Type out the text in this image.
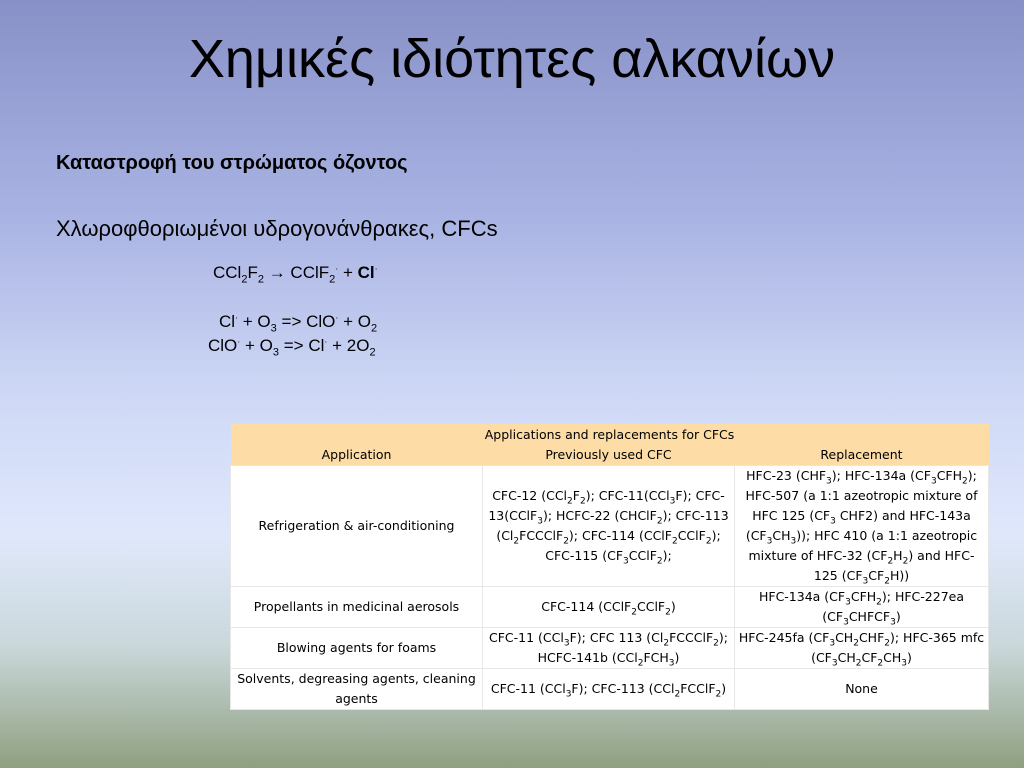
Χημικές ιδιότητες αλκανίων
Καταστροφή του στρώματος όζοντος
Χλωροφθοριωμένοι υδρογονάνθρακες, CFCs
$CCl_2F_2$ → CClF$_2$· + Cl·
$Cl^\cdot + O_3 => ClO^\cdot + O_2$
$ClO^\cdot + O_3 => Cl^\cdot + 2O_2$
Applications and replacements for CFCs		
Application	Previously used CFC	Replacement
Refrigeration & air-conditioning	CFC-12 $(CCl_2F_2)$; CFC-11(CCl$_3$F); CFC-13(CClF$_3$); HCFC-22 (CHClF$_2$); CFC-113 $(Cl_2FCCClF_2)$; CFC-114 (CClF$_2$CClF$_2$); CFC-115 $(CF_3CClF_2)$;	HFC-23 $(CHF_3)$; HFC-134a $(CF_3CFH_2)$; HFC-507 (a 1:1 azeotropic mixture of HFC 125 ($CF_3$ CHF2) and HFC-143a $(CF_3CH_3)$); HFC 410 (a 1:1 azeotropic mixture of HFC-32 $(CF_2H_2)$ and HFC-125 $(CF_3CF_2H)$)
Propellants in medicinal aerosols	CFC-114 (CClF$_2$CClF$_2$)	HFC-134a $(CF_3CFH_2)$; HFC-227ea $(CF_3CHFCF_3)$
Blowing agents for foams	CFC-11 (CCl$_3$F); CFC 113 $(Cl_2FCCClF_2)$; HCFC-141b $(CCl_2FCH_3)$	HFC-245fa $(CF_3CH_2CHF_2)$; HFC-365 mfc $(CF_3CH_2CF_2CH_3)$
Solvents, degreasing agents, cleaning agents	CFC-11 (CCl$_3$F); CFC-113 (CCl$_2$FCClF$_2$)	None
